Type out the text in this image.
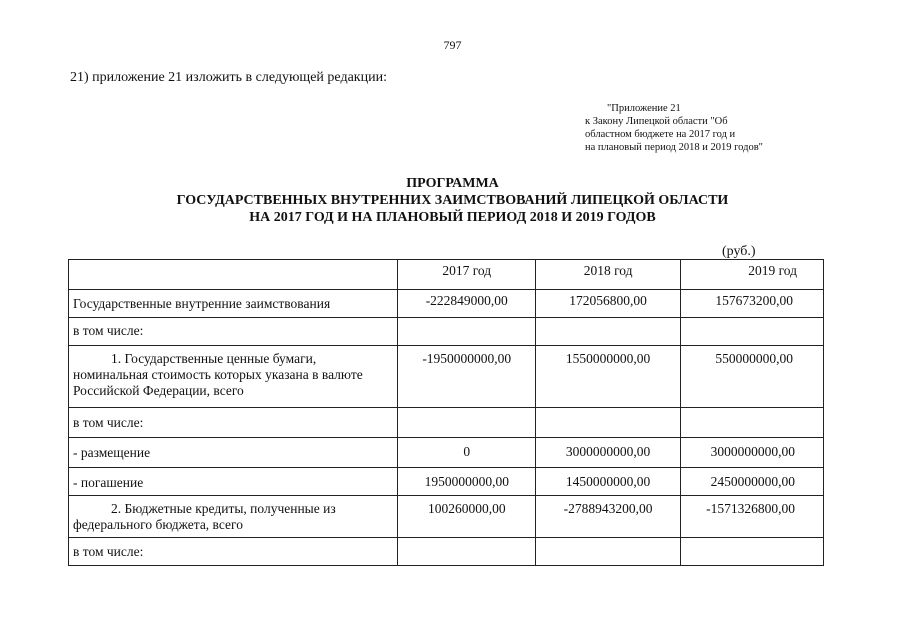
797
21) приложение 21 изложить в следующей редакции:
"Приложение 21
к Закону Липецкой области "Об
областном бюджете на 2017 год и
на плановый период 2018 и 2019 годов"
ПРОГРАММА
ГОСУДАРСТВЕННЫХ ВНУТРЕННИХ ЗАИМСТВОВАНИЙ ЛИПЕЦКОЙ ОБЛАСТИ
НА 2017 ГОД И НА ПЛАНОВЫЙ ПЕРИОД 2018 И 2019 ГОДОВ
(руб.)
	2017 год	2018 год	2019 год
Государственные внутренние заимствования	-222849000,00	172056800,00	157673200,00
в том числе:			
1. Государственные ценные бумаги, номинальная стоимость которых указана в валюте Российской Федерации, всего	-1950000000,00	1550000000,00	550000000,00
в том числе:			
- размещение	0	3000000000,00	3000000000,00
- погашение	1950000000,00	1450000000,00	2450000000,00
2. Бюджетные кредиты, полученные из федерального бюджета, всего	100260000,00	-2788943200,00	-1571326800,00
в том числе:			
